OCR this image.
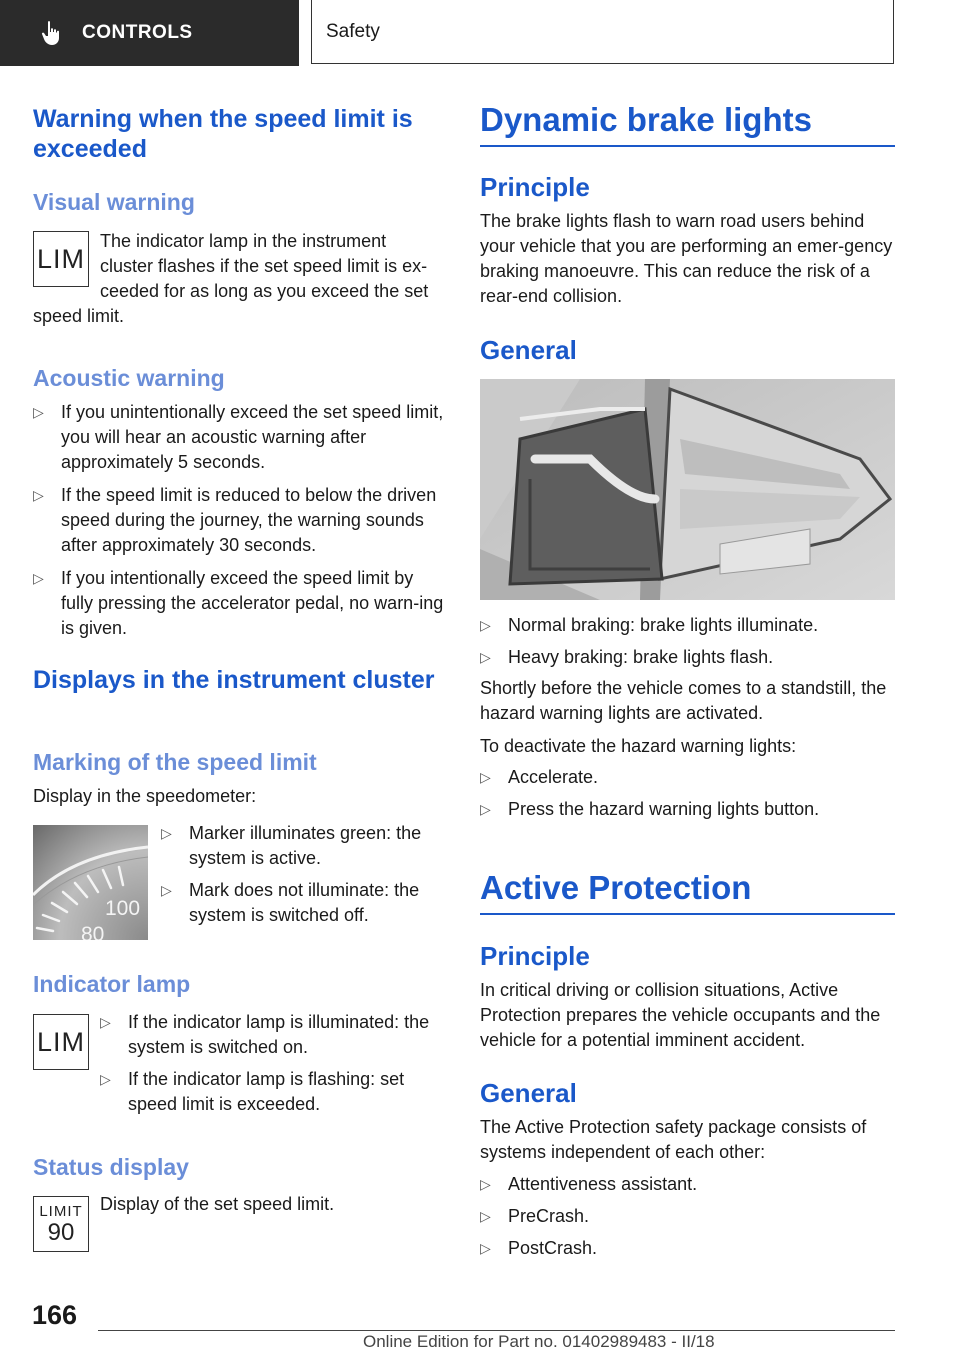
CONTROLS	Safety
Warning when the speed limit is exceeded
Visual warning
LIM

The indicator lamp in the instrument

cluster flashes if the set speed limit is ex-

ceeded for as long as you exceed the set

speed limit.

Acoustic warning
▷ If you unintentionally exceed the set speed limit, you will hear an acoustic warning after approximately 5 seconds.
▷ If the speed limit is reduced to below the driven speed during the journey, the warning sounds after approximately 30 seconds.
▷ If you intentionally exceed the speed limit by fully pressing the accelerator pedal, no warn-ing is given.
Displays in the instrument cluster
Marking of the speed limit

Display in the speedometer:

100
80
▷ Marker illuminates green: the system is active.
▷ Mark does not illuminate: the system is switched off.
Indicator lamp
LIM
▷ If the indicator lamp is illuminated: the system is switched on.
▷ If the indicator lamp is flashing: set speed limit is exceeded.
Status display
LIMIT
90

Display of the set speed limit.

Dynamic brake lights
Principle

The brake lights flash to warn road users behind your vehicle that you are performing an emer-gency braking manoeuvre. This can reduce the risk of a rear-end collision.

General
▷ Normal braking: brake lights illuminate.
▷ Heavy braking: brake lights flash.

Shortly before the vehicle comes to a standstill, the hazard warning lights are activated.

To deactivate the hazard warning lights:

▷ Accelerate.
▷ Press the hazard warning lights button.
Active Protection
Principle

In critical driving or collision situations, Active Protection prepares the vehicle occupants and the vehicle for a potential imminent accident.

General

The Active Protection safety package consists of systems independent of each other:

▷ Attentiveness assistant.
▷ PreCrash.
▷ PostCrash.
166
Online Edition for Part no. 01402989483 - II/18
